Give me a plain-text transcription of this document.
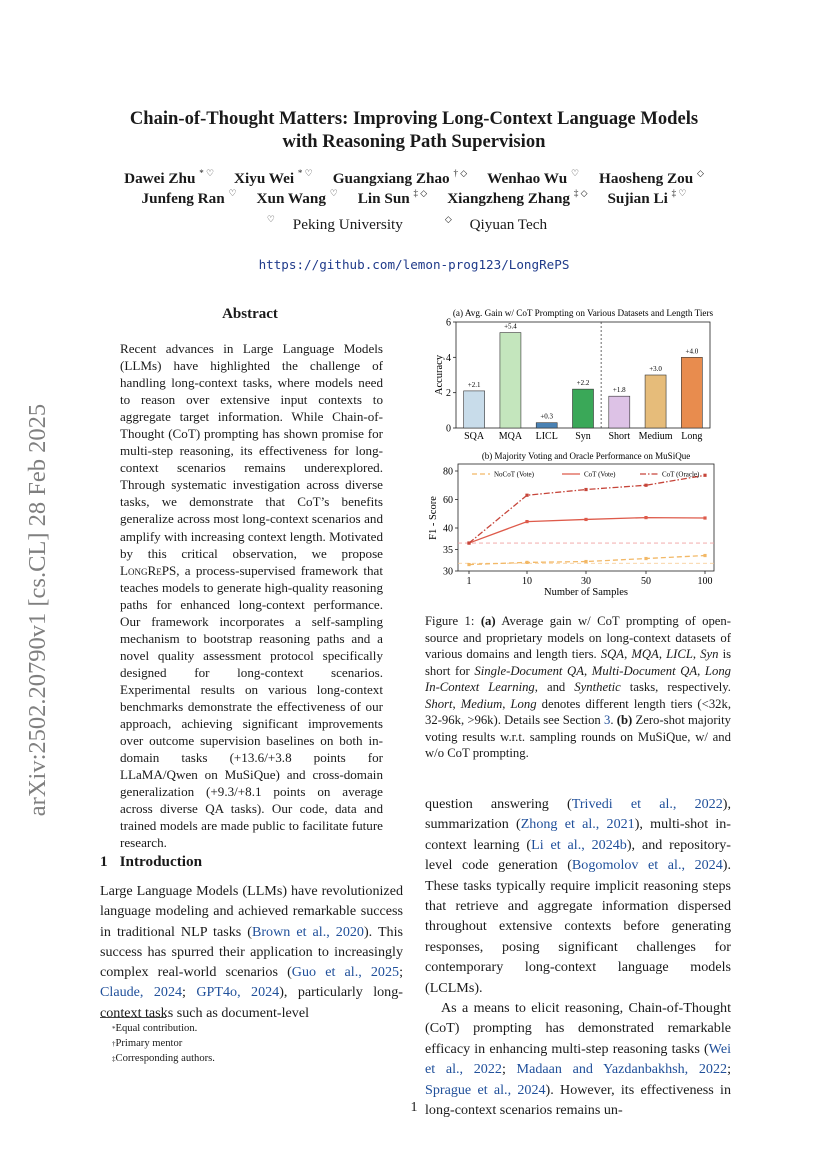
Chain-of-Thought Matters: Improving Long-Context Language Models
with Reasoning Path Supervision
Dawei Zhu * ♡ Xiyu Wei * ♡ Guangxiang Zhao † ◇ Wenhao Wu ♡ Haosheng Zou ◇
Junfeng Ran ♡ Xun Wang ♡ Lin Sun ‡ ◇ Xiangzheng Zhang ‡ ◇ Sujian Li ‡ ♡
♡ Peking University	◇ Qiyuan Tech
https://github.com/lemon-prog123/LongRePS
arXiv:2502.20790v1 [cs.CL] 28 Feb 2025
Abstract
Recent advances in Large Language Models (LLMs) have highlighted the challenge of handling long-context tasks, where models need to reason over extensive input contexts to aggregate target information. While Chain-of-Thought (CoT) prompting has shown promise for multi-step reasoning, its effectiveness for long-context scenarios remains underexplored. Through systematic investigation across diverse tasks, we demonstrate that CoT’s benefits generalize across most long-context scenarios and amplify with increasing context length. Motivated by this critical observation, we propose LongRePS, a process-supervised framework that teaches models to generate high-quality reasoning paths for enhanced long-context performance. Our framework incorporates a self-sampling mechanism to bootstrap reasoning paths and a novel quality assessment protocol specifically designed for long-context scenarios. Experimental results on various long-context benchmarks demonstrate the effectiveness of our approach, achieving significant improvements over outcome supervision baselines on both in-domain tasks (+13.6/+3.8 points for LLaMA/Qwen on MuSiQue) and cross-domain generalization (+9.3/+8.1 points on average across diverse QA tasks). Our code, data and trained models are made public to facilitate future research.
1 Introduction
Large Language Models (LLMs) have revolutionized language modeling and achieved remarkable success in traditional NLP tasks (Brown et al., 2020). This success has spurred their application to increasingly complex real-world scenarios (Guo et al., 2025; Claude, 2024; GPT4o, 2024), particularly long-context tasks such as document-level
*Equal contribution.
†Primary mentor
‡Corresponding authors.
(a) Avg. Gain w/ CoT Prompting on Various Datasets and Length Tiers
0
2
4
6
Accuracy	+2.1
SQA
+5.4
MQA
+0.3
LICL
+2.2
Syn
+1.8
Short
+3.0
Medium
+4.0
Long
(b) Majority Voting and Oracle Performance on MuSiQue
30
35
40
60
80
F1 - Score
1	10	30	50	100
Number of Samples
NoCoT (Vote)	CoT (Vote)	CoT (Oracle)
Figure 1: (a) Average gain w/ CoT prompting of open-source and proprietary models on long-context datasets of various domains and length tiers. SQA, MQA, LICL, Syn is short for Single-Document QA, Multi-Document QA, Long In-Context Learning, and Synthetic tasks, respectively. Short, Medium, Long denotes different length tiers (<32k, 32-96k, >96k). Details see Section 3. (b) Zero-shot majority voting results w.r.t. sampling rounds on MuSiQue, w/ and w/o CoT prompting.

question answering (Trivedi et al., 2022), summarization (Zhong et al., 2021), multi-shot in-context learning (Li et al., 2024b), and repository-level code generation (Bogomolov et al., 2024). These tasks typically require implicit reasoning steps that retrieve and aggregate information dispersed throughout extensive contexts before generating responses, posing significant challenges for contemporary long-context language models (LCLMs).

As a means to elicit reasoning, Chain-of-Thought (CoT) prompting has demonstrated remarkable efficacy in enhancing multi-step reasoning tasks (Wei et al., 2022; Madaan and Yazdanbakhsh, 2022; Sprague et al., 2024). However, its effectiveness in long-context scenarios remains un-

1
